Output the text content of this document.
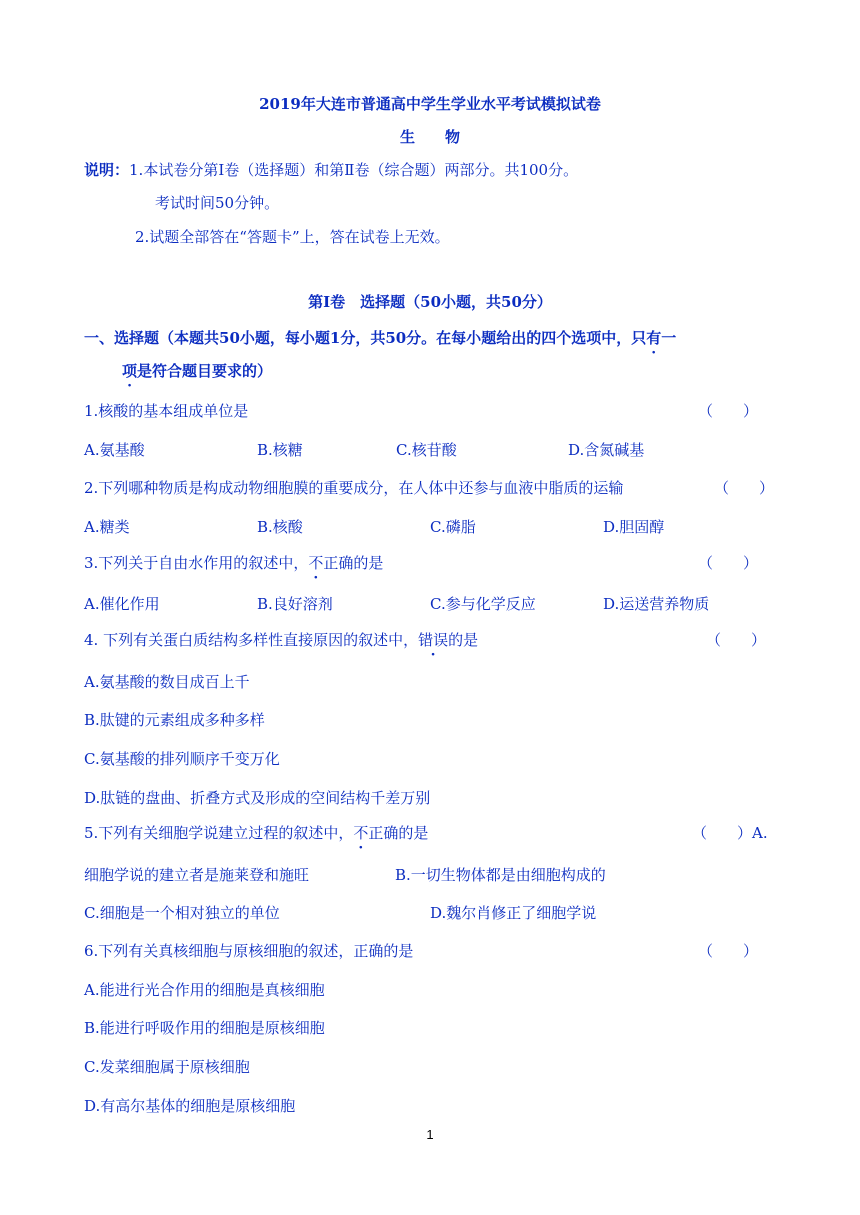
2019年大连市普通高中学生学业水平考试模拟试卷
生　　物
说明：1.本试卷分第Ⅰ卷（选择题）和第Ⅱ卷（综合题）两部分。共100分。
考试时间50分钟。
2.试题全部答在“答题卡”上，答在试卷上无效。
第Ⅰ卷　选择题（50小题，共50分）
一、选择题（本题共50小题，每小题1分，共50分。在每小题给出的四个选项中，只有一
项是符合题目要求的）
1.核酸的基本组成单位是	（　　）
A.氨基酸	B.核糖	C.核苷酸	D.含氮碱基
2.下列哪种物质是构成动物细胞膜的重要成分，在人体中还参与血液中脂质的运输	（　　）
A.糖类	B.核酸	C.磷脂	D.胆固醇
3.下列关于自由水作用的叙述中，不正确的是	（　　）
A.催化作用	B.良好溶剂	C.参与化学反应	D.运送营养物质
4. 下列有关蛋白质结构多样性直接原因的叙述中，错误的是	（　　）
A.氨基酸的数目成百上千
B.肽键的元素组成多种多样
C.氨基酸的排列顺序千变万化
D.肽链的盘曲、折叠方式及形成的空间结构千差万别
5.下列有关细胞学说建立过程的叙述中，不正确的是	（　　）A.
细胞学说的建立者是施莱登和施旺	B.一切生物体都是由细胞构成的
C.细胞是一个相对独立的单位	D.魏尔肖修正了细胞学说
6.下列有关真核细胞与原核细胞的叙述，正确的是	（　　）
A.能进行光合作用的细胞是真核细胞
B.能进行呼吸作用的细胞是原核细胞
C.发菜细胞属于原核细胞
D.有高尔基体的细胞是原核细胞
1
